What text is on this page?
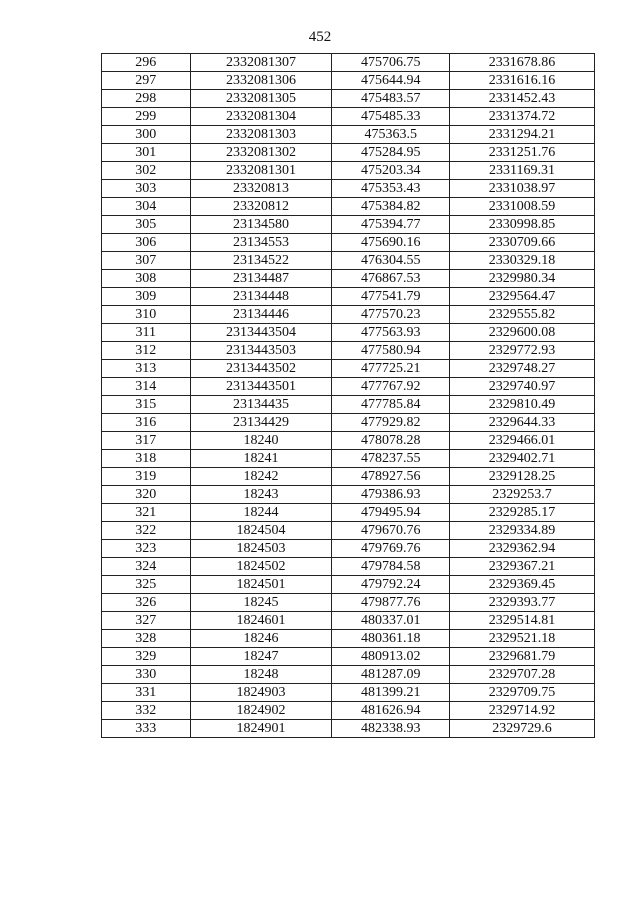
452
296	2332081307	475706.75	2331678.86
297	2332081306	475644.94	2331616.16
298	2332081305	475483.57	2331452.43
299	2332081304	475485.33	2331374.72
300	2332081303	475363.5	2331294.21
301	2332081302	475284.95	2331251.76
302	2332081301	475203.34	2331169.31
303	23320813	475353.43	2331038.97
304	23320812	475384.82	2331008.59
305	23134580	475394.77	2330998.85
306	23134553	475690.16	2330709.66
307	23134522	476304.55	2330329.18
308	23134487	476867.53	2329980.34
309	23134448	477541.79	2329564.47
310	23134446	477570.23	2329555.82
311	2313443504	477563.93	2329600.08
312	2313443503	477580.94	2329772.93
313	2313443502	477725.21	2329748.27
314	2313443501	477767.92	2329740.97
315	23134435	477785.84	2329810.49
316	23134429	477929.82	2329644.33
317	18240	478078.28	2329466.01
318	18241	478237.55	2329402.71
319	18242	478927.56	2329128.25
320	18243	479386.93	2329253.7
321	18244	479495.94	2329285.17
322	1824504	479670.76	2329334.89
323	1824503	479769.76	2329362.94
324	1824502	479784.58	2329367.21
325	1824501	479792.24	2329369.45
326	18245	479877.76	2329393.77
327	1824601	480337.01	2329514.81
328	18246	480361.18	2329521.18
329	18247	480913.02	2329681.79
330	18248	481287.09	2329707.28
331	1824903	481399.21	2329709.75
332	1824902	481626.94	2329714.92
333	1824901	482338.93	2329729.6
